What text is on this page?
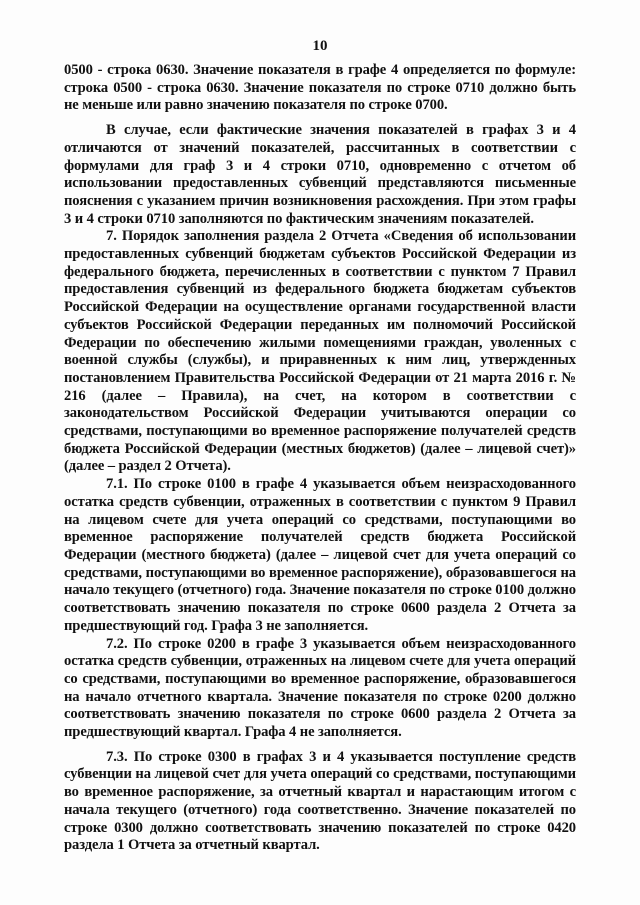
10

0500 - строка 0630. Значение показателя в графе 4 определяется по формуле: строка 0500 - строка 0630. Значение показателя по строке 0710 должно быть не меньше или равно значению показателя по строке 0700.

В случае, если фактические значения показателей в графах 3 и 4 отличаются от значений показателей, рассчитанных в соответствии с формулами для граф 3 и 4 строки 0710, одновременно с отчетом об использовании предоставленных субвенций представляются письменные пояснения с указанием причин возникновения расхождения. При этом графы 3 и 4 строки 0710 заполняются по фактическим значениям показателей.

7. Порядок заполнения раздела 2 Отчета «Сведения об использовании предоставленных субвенций бюджетам субъектов Российской Федерации из федерального бюджета, перечисленных в соответствии с пунктом 7 Правил предоставления субвенций из федерального бюджета бюджетам субъектов Российской Федерации на осуществление органами государственной власти субъектов Российской Федерации переданных им полномочий Российской Федерации по обеспечению жилыми помещениями граждан, уволенных с военной службы (службы), и приравненных к ним лиц, утвержденных постановлением Правительства Российской Федерации от 21 марта 2016 г. № 216 (далее – Правила), на счет, на котором в соответствии с законодательством Российской Федерации учитываются операции со средствами, поступающими во временное распоряжение получателей средств бюджета Российской Федерации (местных бюджетов) (далее – лицевой счет)» (далее – раздел 2 Отчета).

7.1. По строке 0100 в графе 4 указывается объем неизрасходованного остатка средств субвенции, отраженных в соответствии с пунктом 9 Правил на лицевом счете для учета операций со средствами, поступающими во временное распоряжение получателей средств бюджета Российской Федерации (местного бюджета) (далее – лицевой счет для учета операций со средствами, поступающими во временное распоряжение), образовавшегося на начало текущего (отчетного) года. Значение показателя по строке 0100 должно соответствовать значению показателя по строке 0600 раздела 2 Отчета за предшествующий год. Графа 3 не заполняется.

7.2. По строке 0200 в графе 3 указывается объем неизрасходованного остатка средств субвенции, отраженных на лицевом счете для учета операций со средствами, поступающими во временное распоряжение, образовавшегося на начало отчетного квартала. Значение показателя по строке 0200 должно соответствовать значению показателя по строке 0600 раздела 2 Отчета за предшествующий квартал. Графа 4 не заполняется.

7.3. По строке 0300 в графах 3 и 4 указывается поступление средств субвенции на лицевой счет для учета операций со средствами, поступающими во временное распоряжение, за отчетный квартал и нарастающим итогом с начала текущего (отчетного) года соответственно. Значение показателей по строке 0300 должно соответствовать значению показателей по строке 0420 раздела 1 Отчета за отчетный квартал.
